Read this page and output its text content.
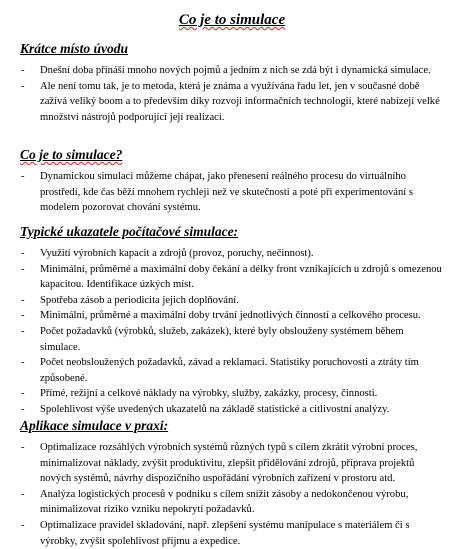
Co je to simulace
Krátce místo úvodu
- Dnešní doba přináší mnoho nových pojmů a jedním z nich se zdá být i dynamická simulace.
- Ale není tomu tak, je to metoda, která je známa a využívána řadu let, jen v současné době zažívá veliký boom a to především díky rozvoji informačních technologií, které nabízejí velké množství nástrojů podporující její realizaci.
Co je to simulace?
- Dynamickou simulaci můžeme chápat, jako přenesení reálného procesu do virtuálního prostředí, kde čas běží mnohem rychleji než ve skutečnosti a poté při experimentování s modelem pozorovat chování systému.
Typické ukazatele počítačové simulace:
- Využití výrobních kapacit a zdrojů (provoz, poruchy, nečinnost).
- Minimální, průměrné a maximální doby čekání a délky front vznikajících u zdrojů s omezenou kapacitou. Identifikace úzkých míst.
- Spotřeba zásob a periodicita jejich doplňování.
- Minimální, průměrné a maximální doby trvání jednotlivých činností a celkového procesu.
- Počet požadavků (výrobků, služeb, zakázek), které byly obslouženy systémem během simulace.
- Počet neobsloužených požadavků, závad a reklamací. Statistiky poruchovosti a ztráty tím způsobené.
- Přímé, režijní a celkové náklady na výrobky, služby, zakázky, procesy, činnosti.
- Spolehlivost výše uvedených ukazatelů na základě statistické a citlivostní analýzy.
Aplikace simulace v praxi:
- Optimalizace rozsáhlých výrobních systémů různých typů s cílem zkrátit výrobní proces, minimalizovat náklady, zvýšit produktivitu, zlepšit přidělování zdrojů, příprava projektů nových systémů, návrhy dispozičního uspořádání výrobních zařízení v prostoru atd.
- Analýza logistických procesů v podniku s cílem snížit zásoby a nedokončenou výrobu, minimalizovat riziko vzniku nepokrytí požadavků.
- Optimalizace pravidel skladování, např. zlepšení systému manipulace s materiálem či s výrobky, zvýšit spolehlivost příjmu a expedice.
